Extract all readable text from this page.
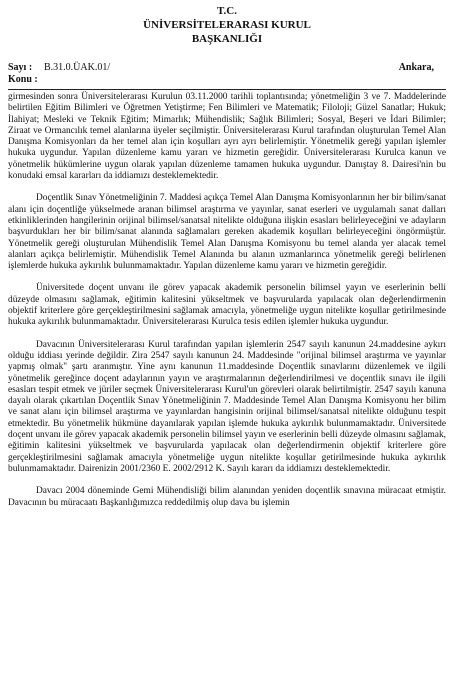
T.C.
ÜNİVERSİTELERARASI KURUL
BAŞKANLIĞI
Sayı :	B.31.0.ÜAK.01/	Ankara,
Konu :

girmesinden sonra Üniversitelerarası Kurulun 03.11.2000 tarihli toplantısında; yönetmeliğin 3 ve 7. Maddelerinde belirtilen Eğitim Bilimleri ve Öğretmen Yetiştirme; Fen Bilimleri ve Matematik; Filoloji; Güzel Sanatlar; Hukuk; İlahiyat; Mesleki ve Teknik Eğitim; Mimarlık; Mühendislik; Sağlık Bilimleri; Sosyal, Beşeri ve İdari Bilimler; Ziraat ve Ormancılık temel alanlarına üyeler seçilmiştir. Üniversitelerarası Kurul tarafından oluşturulan Temel Alan Danışma Komisyonları da her temel alan için koşulları ayrı ayrı belirlemiştir. Yönetmelik gereği yapılan işlemler hukuka uygundur. Yapılan düzenleme kamu yararı ve hizmetin gereğidir. Üniversitelerarası Kurulca kanun ve yönetmelik hükümlerine uygun olarak yapılan düzenleme tamamen hukuka uygundur. Danıştay 8. Dairesi'nin bu konudaki emsal kararları da iddiamızı desteklemektedir.

Doçentlik Sınav Yönetmeliğinin 7. Maddesi açıkça Temel Alan Danışma Komisyonlarının her bir bilim/sanat alanı için doçentliğe yükselmede aranan bilimsel araştırma ve yayınlar, sanat eserleri ve uygulamalı sanat dalları etkinliklerinden hangilerinin orijinal bilimsel/sanatsal nitelikte olduğuna ilişkin esasları belirleyeceğini ve adayların başvurdukları her bir bilim/sanat alanında sağlamaları gereken akademik koşulları belirleyeceğini öngörmüştür. Yönetmelik gereği oluşturulan Mühendislik Temel Alan Danışma Komisyonu bu temel alanda yer alacak temel alanları açıkça belirlemiştir. Mühendislik Temel Alanında bu alanın uzmanlarınca yönetmelik gereği belirlenen işlemlerde hukuka aykırılık bulunmamaktadır. Yapılan düzenleme kamu yararı ve hizmetin gereğidir.

Üniversitede doçent unvanı ile görev yapacak akademik personelin bilimsel yayın ve eserlerinin belli düzeyde olmasını sağlamak, eğitimin kalitesini yükseltmek ve başvurularda yapılacak olan değerlendirmenin objektif kriterlere göre gerçekleştirilmesini sağlamak amacıyla, yönetmeliğe uygun nitelikte koşullar getirilmesinde hukuka aykırılık bulunmamaktadır. Üniversitelerarası Kurulca tesis edilen işlemler hukuka uygundur.

Davacının Üniversitelerarası Kurul tarafından yapılan işlemlerin 2547 sayılı kanunun 24.maddesine aykırı olduğu iddiası yerinde değildir. Zira 2547 sayılı kanunun 24. Maddesinde "orijinal bilimsel araştırma ve yayınlar yapmış olmak" şartı aranmıştır. Yine aynı kanunun 11.maddesinde Doçentlik sınavlarını düzenlemek ve ilgili yönetmelik gereğince doçent adaylarının yayın ve araştırmalarının değerlendirilmesi ve doçentlik sınavı ile ilgili esasları tespit etmek ve jüriler seçmek Üniversitelerarası Kurul'un görevleri olarak belirtilmiştir. 2547 sayılı kanuna dayalı olarak çıkartılan Doçentlik Sınav Yönetmeliğinin 7. Maddesinde Temel Alan Danışma Komisyonu her bilim ve sanat alanı için bilimsel araştırma ve yayınlardan hangisinin orijinal bilimsel/sanatsal nitelikte olduğunu tespit etmektedir. Bu yönetmelik hükmüne dayanılarak yapılan işlemde hukuka aykırılık bulunmamaktadır. Üniversitede doçent unvanı ile görev yapacak akademik personelin bilimsel yayın ve eserlerinin belli düzeyde olmasını sağlamak, eğitimin kalitesini yükseltmek ve başvurularda yapılacak olan değerlendirmenin objektif kriterlere göre gerçekleştirilmesini sağlamak amacıyla yönetmeliğe uygun nitelikte koşullar getirilmesinde hukuka aykırılık bulunmamaktadır. Dairenizin 2001/2360 E. 2002/2912 K. Sayılı kararı da iddiamızı desteklemektedir.

Davacı 2004 döneminde Gemi Mühendisliği bilim alanından yeniden doçentlik sınavına müracaat etmiştir. Davacının bu müracaatı Başkanlığımızca reddedilmiş olup dava bu işlemin
